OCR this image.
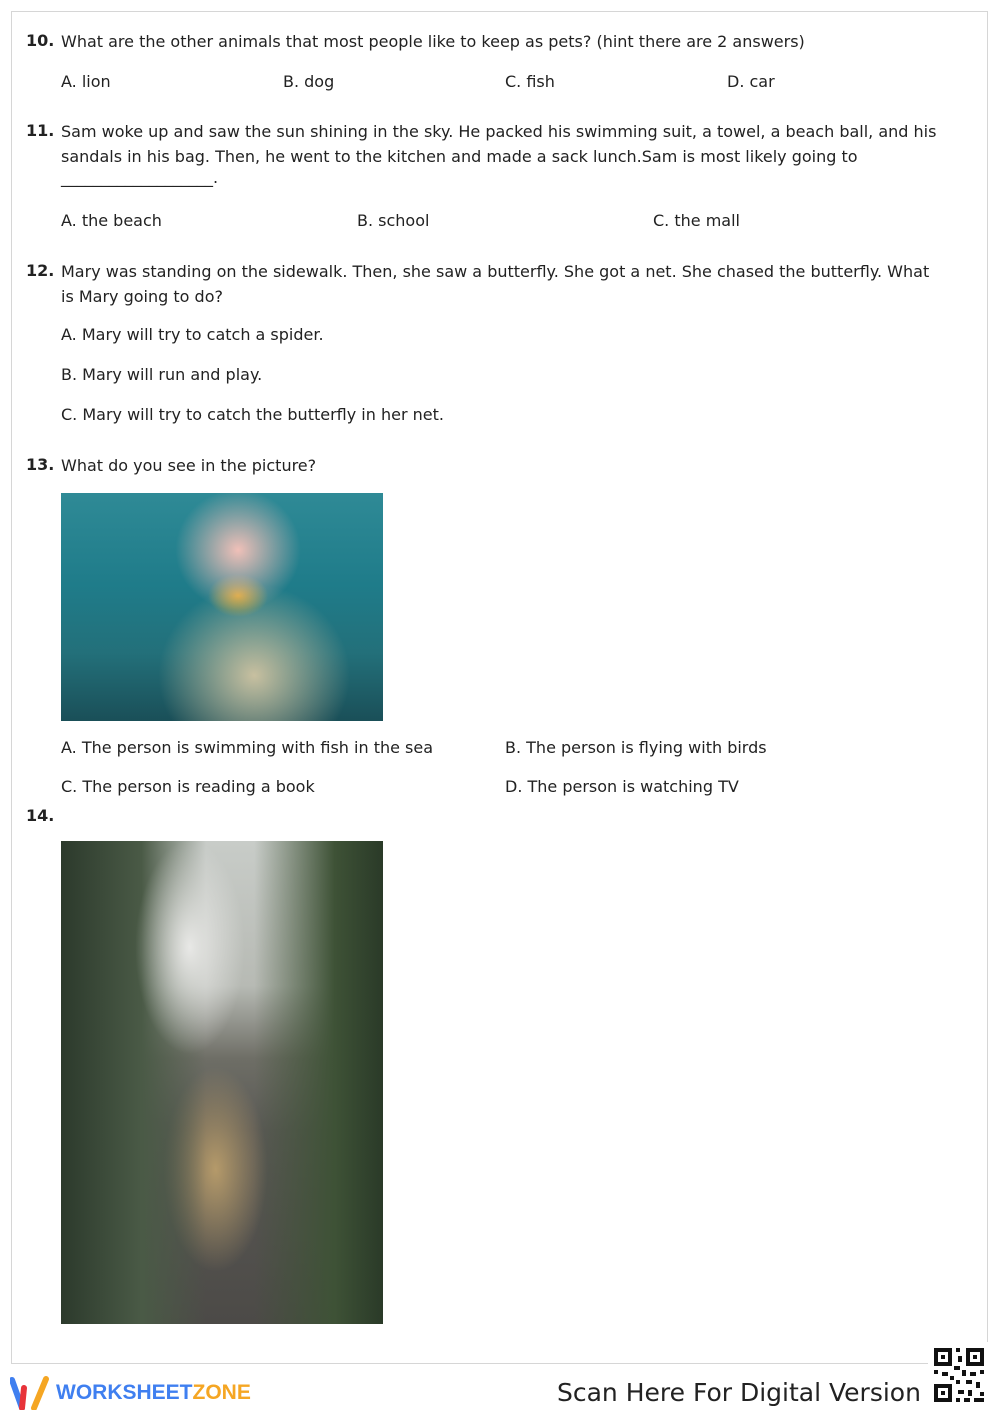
10. What are the other animals that most people like to keep as pets? (hint there are 2 answers)
A. lion	B. dog	C. fish	D. car
11. Sam woke up and saw the sun shining in the sky. He packed his swimming suit, a towel, a beach ball, and his sandals in his bag. Then, he went to the kitchen and made a sack lunch.Sam is most likely going to
___________________.
A. the beach	B. school	C. the mall
12. Mary was standing on the sidewalk. Then, she saw a butterfly. She got a net. She chased the butterfly. What is Mary going to do?
A. Mary will try to catch a spider.
B. Mary will run and play.
C. Mary will try to catch the butterfly in her net.
13. What do you see in the picture?
A. The person is swimming with fish in the sea	B. The person is flying with birds
C. The person is reading a book	D. The person is watching TV
14.
WORKSHEETZONE	Scan Here For Digital Version
